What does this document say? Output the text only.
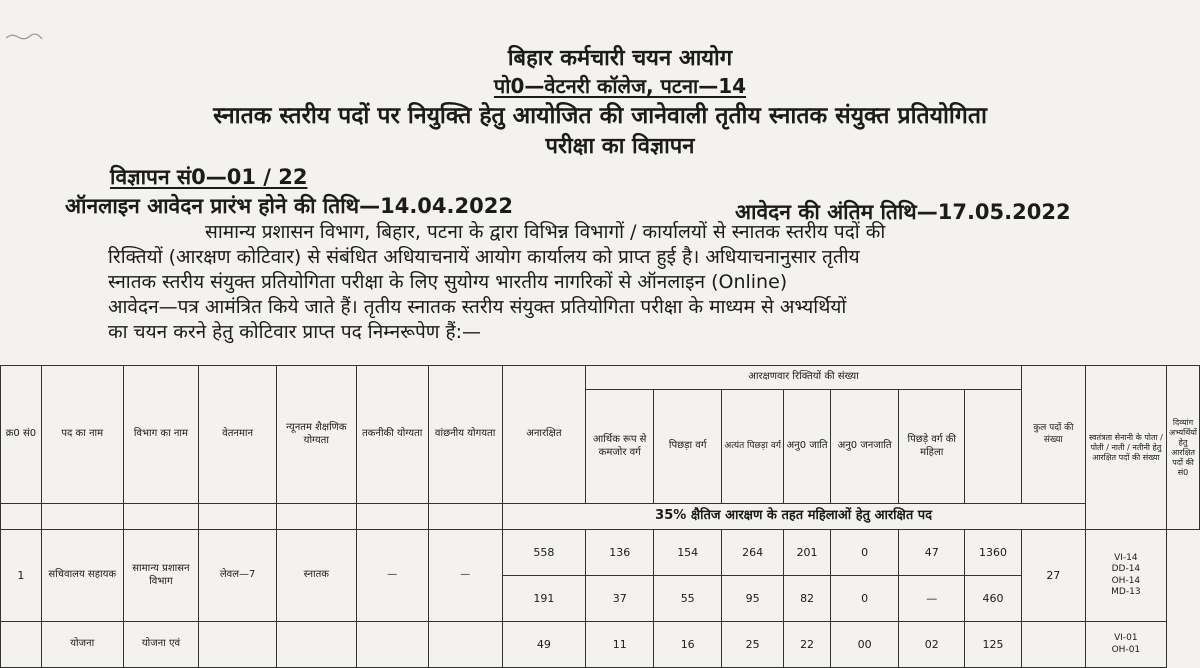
बिहार कर्मचारी चयन आयोग
पो0—वेटनरी कॉलेज, पटना—14
स्नातक स्तरीय पदों पर नियुक्ति हेतु आयोजित की जानेवाली तृतीय स्नातक संयुक्त प्रतियोगिता
परीक्षा का विज्ञापन
विज्ञापन सं0—01 / 22
ऑनलाइन आवेदन प्रारंभ होने की तिथि—14.04.2022	आवेदन की अंतिम तिथि—17.05.2022
सामान्य प्रशासन विभाग, बिहार, पटना के द्वारा विभिन्न विभागों / कार्यालयों से स्नातक स्तरीय पदों की
रिक्तियों (आरक्षण कोटिवार) से संबंधित अधियाचनायें आयोग कार्यालय को प्राप्त हुई है। अधियाचनानुसार तृतीय
स्नातक स्तरीय संयुक्त प्रतियोगिता परीक्षा के लिए सुयोग्य भारतीय नागरिकों से ऑनलाइन (Online)
आवेदन—पत्र आमंत्रित किये जाते हैं। तृतीय स्नातक स्तरीय संयुक्त प्रतियोगिता परीक्षा के माध्यम से अभ्यर्थियों
का चयन करने हेतु कोटिवार प्राप्त पद निम्नरूपेण हैं:—
क्र0 सं0	पद का नाम	विभाग का नाम	वेतनमान	न्यूनतम शैक्षणिक योग्यता	तकनीकी योग्यता	वांछनीय योगयता	अनारक्षित	आरक्षणवार रिक्तियों की संख्या							कुल पदों की संख्या	स्वतंत्रता सेनानी के पोता / पोती / नाती / नतीनी हेतु आरक्षित पदों की संख्या	दिव्यांग अभ्यर्थियों हेतु आरक्षित पदों की सं0
								आर्थिक रूप से कमजोर वर्ग	पिछड़ा वर्ग	अत्यंत पिछड़ा वर्ग	अनु0 जाति	अनु0 जनजाति	पिछड़े वर्ग की महिला				
							35% क्षैतिज आरक्षण के तहत महिलाओं हेतु आरक्षित पद										
1	सचिवालय सहायक	सामान्य प्रशासन विभाग	लेवल—7	स्नातक	—	—	558	136	154	264	201	0	47	1360	27	VI-14
DD-14
OH-14
MD-13	

							191	37	55	95	82	0	—	460			
	योजना	योजना एवं					49	11	16	25	22	00	02	125		VI-01
OH-01	
